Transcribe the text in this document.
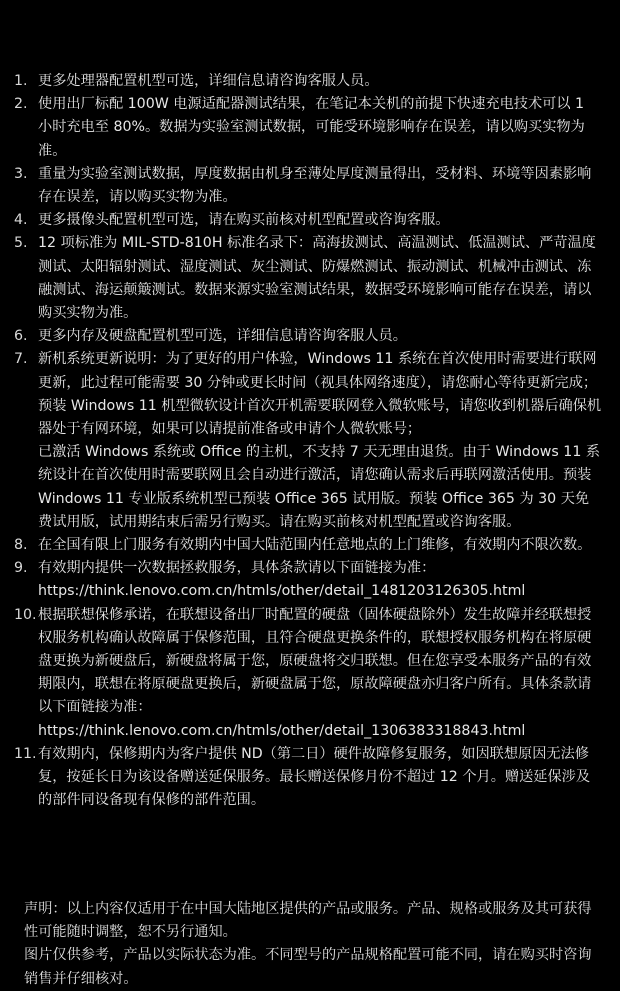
1. 更多处理器配置机型可选，详细信息请咨询客服人员。
2. 使用出厂标配 100W 电源适配器测试结果，在笔记本关机的前提下快速充电技术可以 1 小时充电至 80%。数据为实验室测试数据，可能受环境影响存在误差，请以购买实物为准。
3. 重量为实验室测试数据，厚度数据由机身至薄处厚度测量得出，受材料、环境等因素影响存在误差，请以购买实物为准。
4. 更多摄像头配置机型可选，请在购买前核对机型配置或咨询客服。
5. 12 项标准为 MIL-STD-810H 标准名录下：高海拔测试、高温测试、低温测试、严苛温度测试、太阳辐射测试、湿度测试、灰尘测试、防爆燃测试、振动测试、机械冲击测试、冻融测试、海运颠簸测试。数据来源实验室测试结果，数据受环境影响可能存在误差，请以购买实物为准。
6. 更多内存及硬盘配置机型可选，详细信息请咨询客服人员。
7. 新机系统更新说明：为了更好的用户体验，Windows 11 系统在首次使用时需要进行联网更新，此过程可能需要 30 分钟或更长时间（视具体网络速度），请您耐心等待更新完成；
预装 Windows 11 机型微软设计首次开机需要联网登入微软账号，请您收到机器后确保机器处于有网环境，如果可以请提前准备或申请个人微软账号；
已激活 Windows 系统或 Office 的主机，不支持 7 天无理由退货。由于 Windows 11 系统设计在首次使用时需要联网且会自动进行激活，请您确认需求后再联网激活使用。预装 Windows 11 专业版系统机型已预装 Office 365 试用版。预装 Office 365 为 30 天免费试用版，试用期结束后需另行购买。请在购买前核对机型配置或咨询客服。
8. 在全国有限上门服务有效期内中国大陆范围内任意地点的上门维修，有效期内不限次数。
9. 有效期内提供一次数据拯救服务，具体条款请以下面链接为准：
https://think.lenovo.com.cn/htmls/other/detail_1481203126305.html
10. 根据联想保修承诺，在联想设备出厂时配置的硬盘（固体硬盘除外）发生故障并经联想授权服务机构确认故障属于保修范围，且符合硬盘更换条件的，联想授权服务机构在将原硬盘更换为新硬盘后，新硬盘将属于您，原硬盘将交归联想。但在您享受本服务产品的有效期限内，联想在将原硬盘更换后，新硬盘属于您，原故障硬盘亦归客户所有。具体条款请以下面链接为准：
https://think.lenovo.com.cn/htmls/other/detail_1306383318843.html
11. 有效期内，保修期内为客户提供 ND（第二日）硬件故障修复服务，如因联想原因无法修复，按延长日为该设备赠送延保服务。最长赠送保修月份不超过 12 个月。赠送延保涉及的部件同设备现有保修的部件范围。
声明：以上内容仅适用于在中国大陆地区提供的产品或服务。产品、规格或服务及其可获得性可能随时调整，恕不另行通知。
图片仅供参考，产品以实际状态为准。不同型号的产品规格配置可能不同，请在购买时咨询销售并仔细核对。
